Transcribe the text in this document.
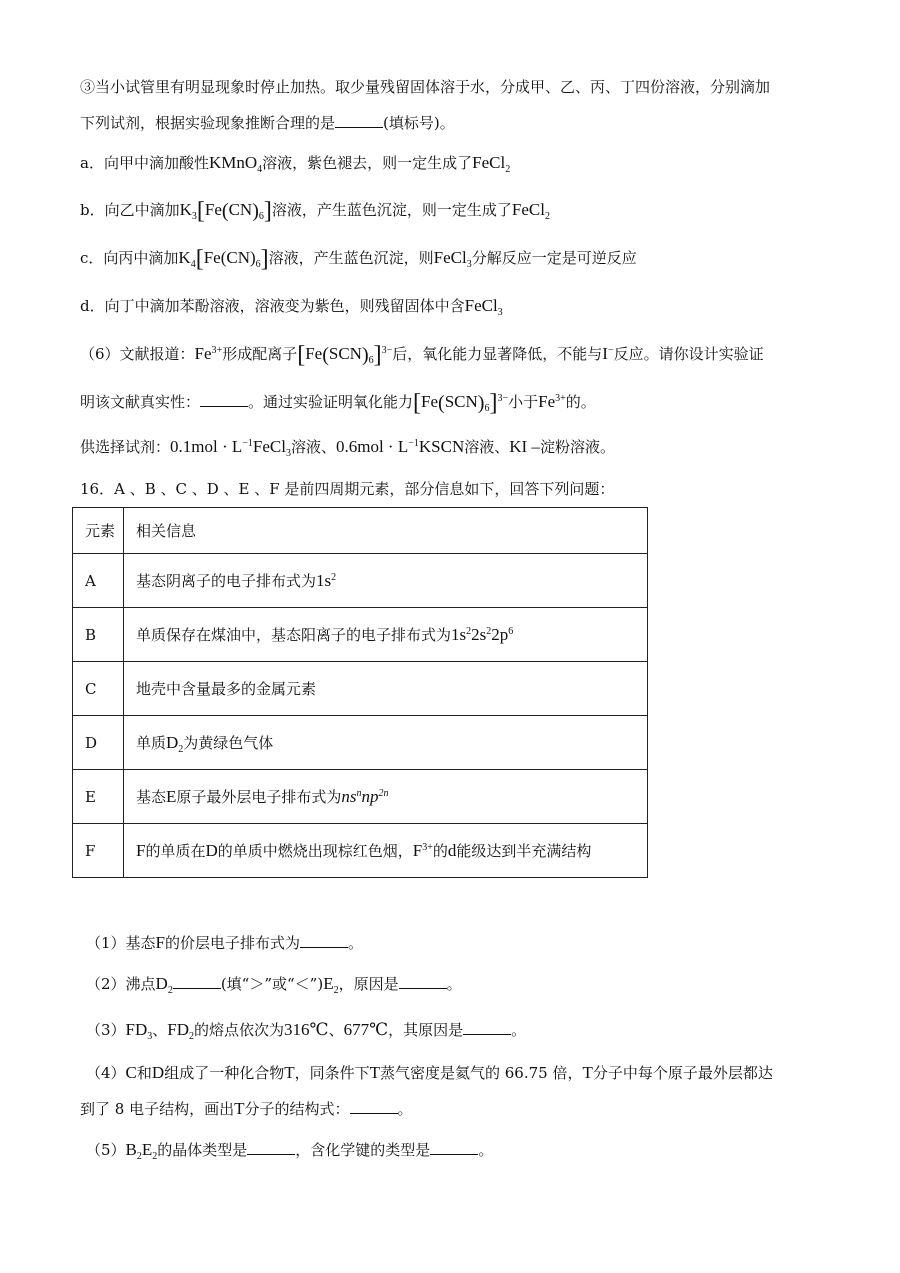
③当小试管里有明显现象时停止加热。取少量残留固体溶于水，分成甲、乙、丙、丁四份溶液，分别滴加
下列试剂，根据实验现象推断合理的是	(填标号)。
a．向甲中滴加酸性KMnO$_4$溶液，紫色褪去，则一定生成了FeCl$_2$
b．向乙中滴加$K_3[Fe(CN)_6]$溶液，产生蓝色沉淀，则一定生成了FeCl$_2$
c．向丙中滴加$K_4[Fe(CN)_6]$溶液，产生蓝色沉淀，则FeCl$_3$分解反应一定是可逆反应
d．向丁中滴加苯酚溶液，溶液变为紫色，则残留固体中含FeCl$_3$
（6）文献报道：$Fe^{3+}$形成配离子$[Fe(SCN)_6]^{3-}$后，氧化能力显著降低，不能与I−反应。请你设计实验证
明该文献真实性：	。通过实验证明氧化能力$[Fe(SCN)_6]^{3-}$小于$Fe^{3+}$的。
供选择试剂：$0.1mol \cdot L^{-1}FeCl_3$溶液、$0.6mol \cdot L^{-1}KSCN$溶液、KI –淀粉溶液。
16．A 、B 、C 、D 、E 、F 是前四周期元素，部分信息如下，回答下列问题：
元素	相关信息
A	基态阴离子的电子排布式为$1s^2$
B	单质保存在煤油中，基态阳离子的电子排布式为$1s^22s^22p^6$
C	地壳中含量最多的金属元素
D	单质$D_2$为黄绿色气体
E	基态E原子最外层电子排布式为$ns^nnp^{2n}$
F	F的单质在D的单质中燃烧出现棕红色烟，$F^{3+}$的d能级达到半充满结构
（1）基态F的价层电子排布式为	。
（2）沸点$D_2$	(填“＞”或“$<”)E_2$，原因是	。
$(3)FD_3$、$FD_2$的熔点依次为316℃、677℃，其原因是	。
（4）C和D组成了一种化合物T，同条件下T蒸气密度是氦气的 66.75 倍，T分子中每个原子最外层都达
到了 8 电子结构，画出T分子的结构式：	。
$(5)B_2E_2$的晶体类型是	，含化学键的类型是	。
